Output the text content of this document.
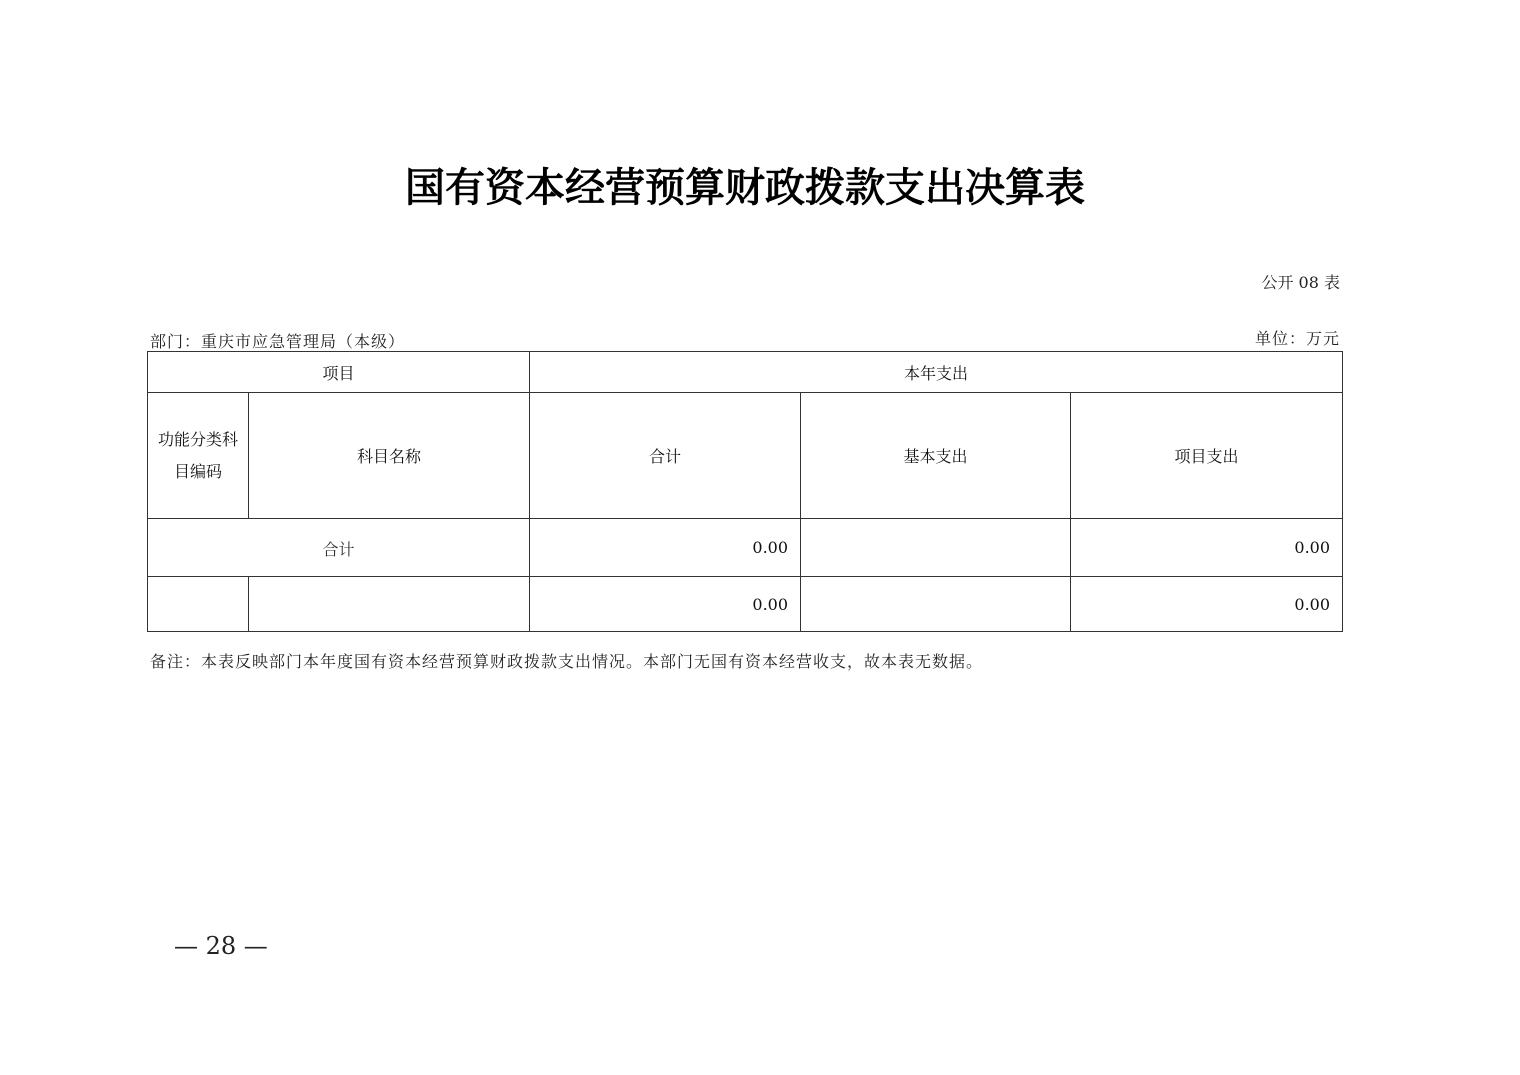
国有资本经营预算财政拨款支出决算表
公开 08 表
部门：重庆市应急管理局（本级）	单位：万元
项目		本年支出		

功能分类科目编码	科目名称	合计	基本支出	项目支出
合计		0.00		0.00
		0.00		0.00
备注：本表反映部门本年度国有资本经营预算财政拨款支出情况。本部门无国有资本经营收支，故本表无数据。
— 28 —
